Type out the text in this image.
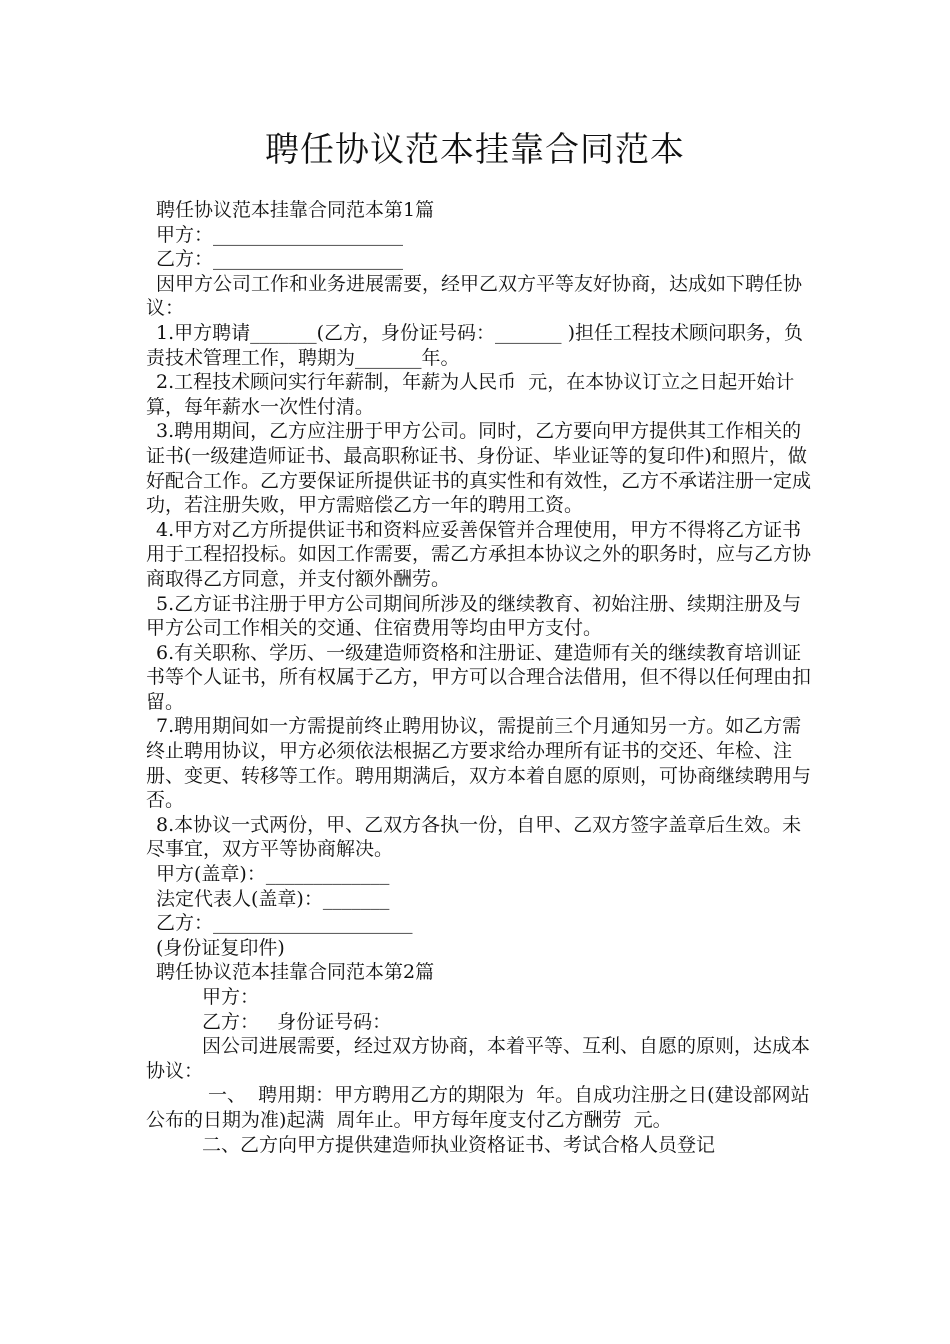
聘任协议范本挂靠合同范本

聘任协议范本挂靠合同范本第1篇

甲方：____________________

乙方：____________________

因甲方公司工作和业务进展需要，经甲乙双方平等友好协商，达成如下聘任协议：

1.甲方聘请_______(乙方，身份证号码：_______ )担任工程技术顾问职务，负责技术管理工作，聘期为_______年。

2.工程技术顾问实行年薪制，年薪为人民币  元，在本协议订立之日起开始计算，每年薪水一次性付清。

3.聘用期间，乙方应注册于甲方公司。同时，乙方要向甲方提供其工作相关的证书(一级建造师证书、最高职称证书、身份证、毕业证等的复印件)和照片，做好配合工作。乙方要保证所提供证书的真实性和有效性，乙方不承诺注册一定成功，若注册失败，甲方需赔偿乙方一年的聘用工资。

4.甲方对乙方所提供证书和资料应妥善保管并合理使用，甲方不得将乙方证书用于工程招投标。如因工作需要，需乙方承担本协议之外的职务时，应与乙方协商取得乙方同意，并支付额外酬劳。

5.乙方证书注册于甲方公司期间所涉及的继续教育、初始注册、续期注册及与甲方公司工作相关的交通、住宿费用等均由甲方支付。

6.有关职称、学历、一级建造师资格和注册证、建造师有关的继续教育培训证书等个人证书，所有权属于乙方，甲方可以合理合法借用，但不得以任何理由扣留。

7.聘用期间如一方需提前终止聘用协议，需提前三个月通知另一方。如乙方需终止聘用协议，甲方必须依法根据乙方要求给办理所有证书的交还、年检、注册、变更、转移等工作。聘用期满后，双方本着自愿的原则，可协商继续聘用与否。

8.本协议一式两份，甲、乙双方各执一份，自甲、乙双方签字盖章后生效。未尽事宜，双方平等协商解决。

甲方(盖章)：_____________

法定代表人(盖章)：_______

乙方：_____________________

(身份证复印件)

聘任协议范本挂靠合同范本第2篇

甲方：

乙方：   身份证号码：

因公司进展需要，经过双方协商，本着平等、互利、自愿的原则，达成本协议：

一、  聘用期：甲方聘用乙方的期限为  年。自成功注册之日(建设部网站公布的日期为准)起满  周年止。甲方每年度支付乙方酬劳  元。

二、乙方向甲方提供建造师执业资格证书、考试合格人员登记
